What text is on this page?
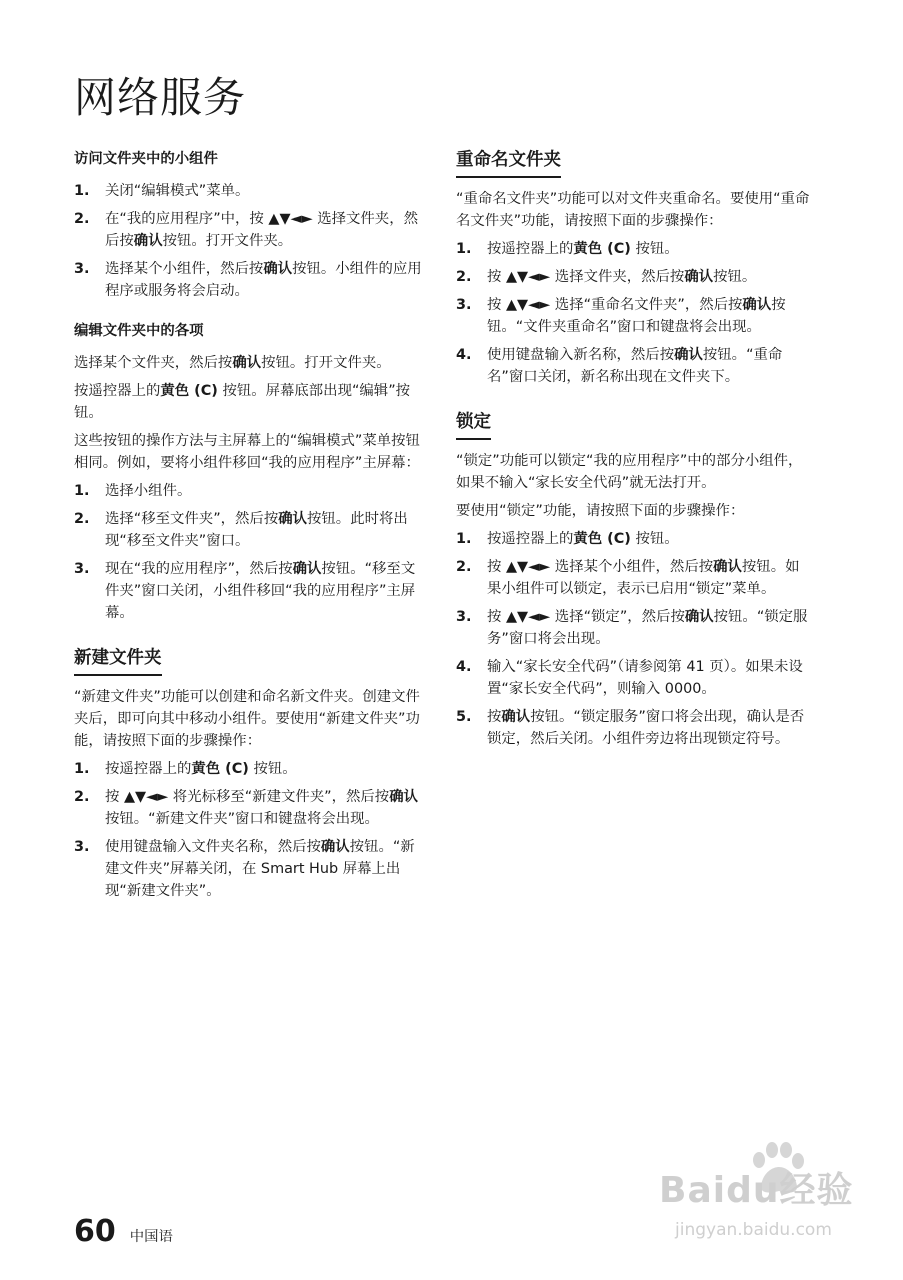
网络服务
访问文件夹中的小组件
1.	关闭“编辑模式”菜单。
2.	在“我的应用程序”中，按 ▲▼◄► 选择文件夹，然后按确认按钮。打开文件夹。
3.	选择某个小组件，然后按确认按钮。小组件的应用程序或服务将会启动。
编辑文件夹中的各项
选择某个文件夹，然后按确认按钮。打开文件夹。
按遥控器上的黄色 (C) 按钮。屏幕底部出现“编辑”按钮。
这些按钮的操作方法与主屏幕上的“编辑模式”菜单按钮相同。例如，要将小组件移回“我的应用程序”主屏幕：
1.	选择小组件。
2.	选择“移至文件夹”，然后按确认按钮。此时将出现“移至文件夹”窗口。
3.	现在“我的应用程序”，然后按确认按钮。“移至文件夹”窗口关闭，小组件移回“我的应用程序”主屏幕。
新建文件夹
“新建文件夹”功能可以创建和命名新文件夹。创建文件夹后，即可向其中移动小组件。要使用“新建文件夹”功能，请按照下面的步骤操作：
1.	按遥控器上的黄色 (C) 按钮。
2.	按 ▲▼◄► 将光标移至“新建文件夹”，然后按确认按钮。“新建文件夹”窗口和键盘将会出现。
3.	使用键盘输入文件夹名称，然后按确认按钮。“新建文件夹”屏幕关闭，在 Smart Hub 屏幕上出现“新建文件夹”。
重命名文件夹
“重命名文件夹”功能可以对文件夹重命名。要使用“重命名文件夹”功能，请按照下面的步骤操作：
1.	按遥控器上的黄色 (C) 按钮。
2.	按 ▲▼◄► 选择文件夹，然后按确认按钮。
3.	按 ▲▼◄► 选择“重命名文件夹”，然后按确认按钮。“文件夹重命名”窗口和键盘将会出现。
4.	使用键盘输入新名称，然后按确认按钮。“重命名”窗口关闭，新名称出现在文件夹下。
锁定
“锁定”功能可以锁定“我的应用程序”中的部分小组件，如果不输入“家长安全代码”就无法打开。
要使用“锁定”功能，请按照下面的步骤操作：
1.	按遥控器上的黄色 (C) 按钮。
2.	按 ▲▼◄► 选择某个小组件，然后按确认按钮。如果小组件可以锁定，表示已启用“锁定”菜单。
3.	按 ▲▼◄► 选择“锁定”，然后按确认按钮。“锁定服务”窗口将会出现。
4.	输入“家长安全代码”（请参阅第 41 页）。如果未设置“家长安全代码”，则输入 0000。
5.	按确认按钮。“锁定服务”窗口将会出现，确认是否锁定，然后关闭。小组件旁边将出现锁定符号。
60 中国语
Baidu经验
jingyan.baidu.com
